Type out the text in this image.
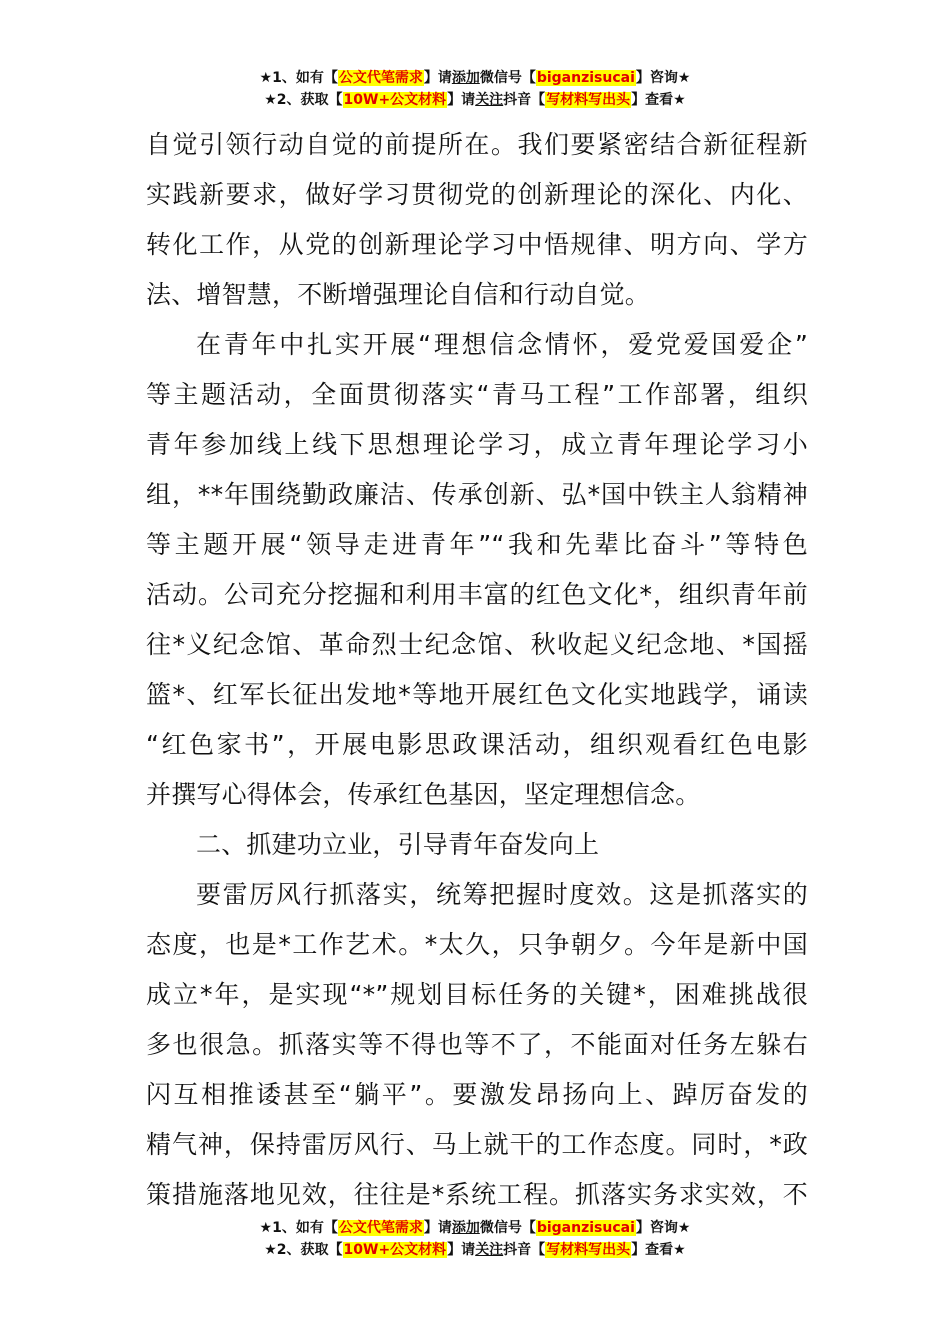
★1、如有【公文代笔需求】请添加微信号【biganzisucai】咨询★
★2、获取【10W+公文材料】请关注抖音【写材料写出头】查看★
自觉引领行动自觉的前提所在。我们要紧密结合新征程新
实践新要求，做好学习贯彻党的创新理论的深化、内化、
转化工作，从党的创新理论学习中悟规律、明方向、学方
法、增智慧，不断增强理论自信和行动自觉。
在青年中扎实开展“理想信念情怀，爱党爱国爱企”
等主题活动，全面贯彻落实“青马工程”工作部署，组织
青年参加线上线下思想理论学习，成立青年理论学习小
组，**年围绕勤政廉洁、传承创新、弘*国中铁主人翁精神
等主题开展“领导走进青年”“我和先辈比奋斗”等特色
活动。公司充分挖掘和利用丰富的红色文化*，组织青年前
往*义纪念馆、革命烈士纪念馆、秋收起义纪念地、*国摇
篮*、红军长征出发地*等地开展红色文化实地践学，诵读
“红色家书”，开展电影思政课活动，组织观看红色电影
并撰写心得体会，传承红色基因，坚定理想信念。
二、抓建功立业，引导青年奋发向上
要雷厉风行抓落实，统筹把握时度效。这是抓落实的
态度，也是*工作艺术。*太久，只争朝夕。今年是新中国
成立*年，是实现“*”规划目标任务的关键*，困难挑战很
多也很急。抓落实等不得也等不了，不能面对任务左躲右
闪互相推诿甚至“躺平”。要激发昂扬向上、踔厉奋发的
精气神，保持雷厉风行、马上就干的工作态度。同时，*政
策措施落地见效，往往是*系统工程。抓落实务求实效，不
★1、如有【公文代笔需求】请添加微信号【biganzisucai】咨询★
★2、获取【10W+公文材料】请关注抖音【写材料写出头】查看★
